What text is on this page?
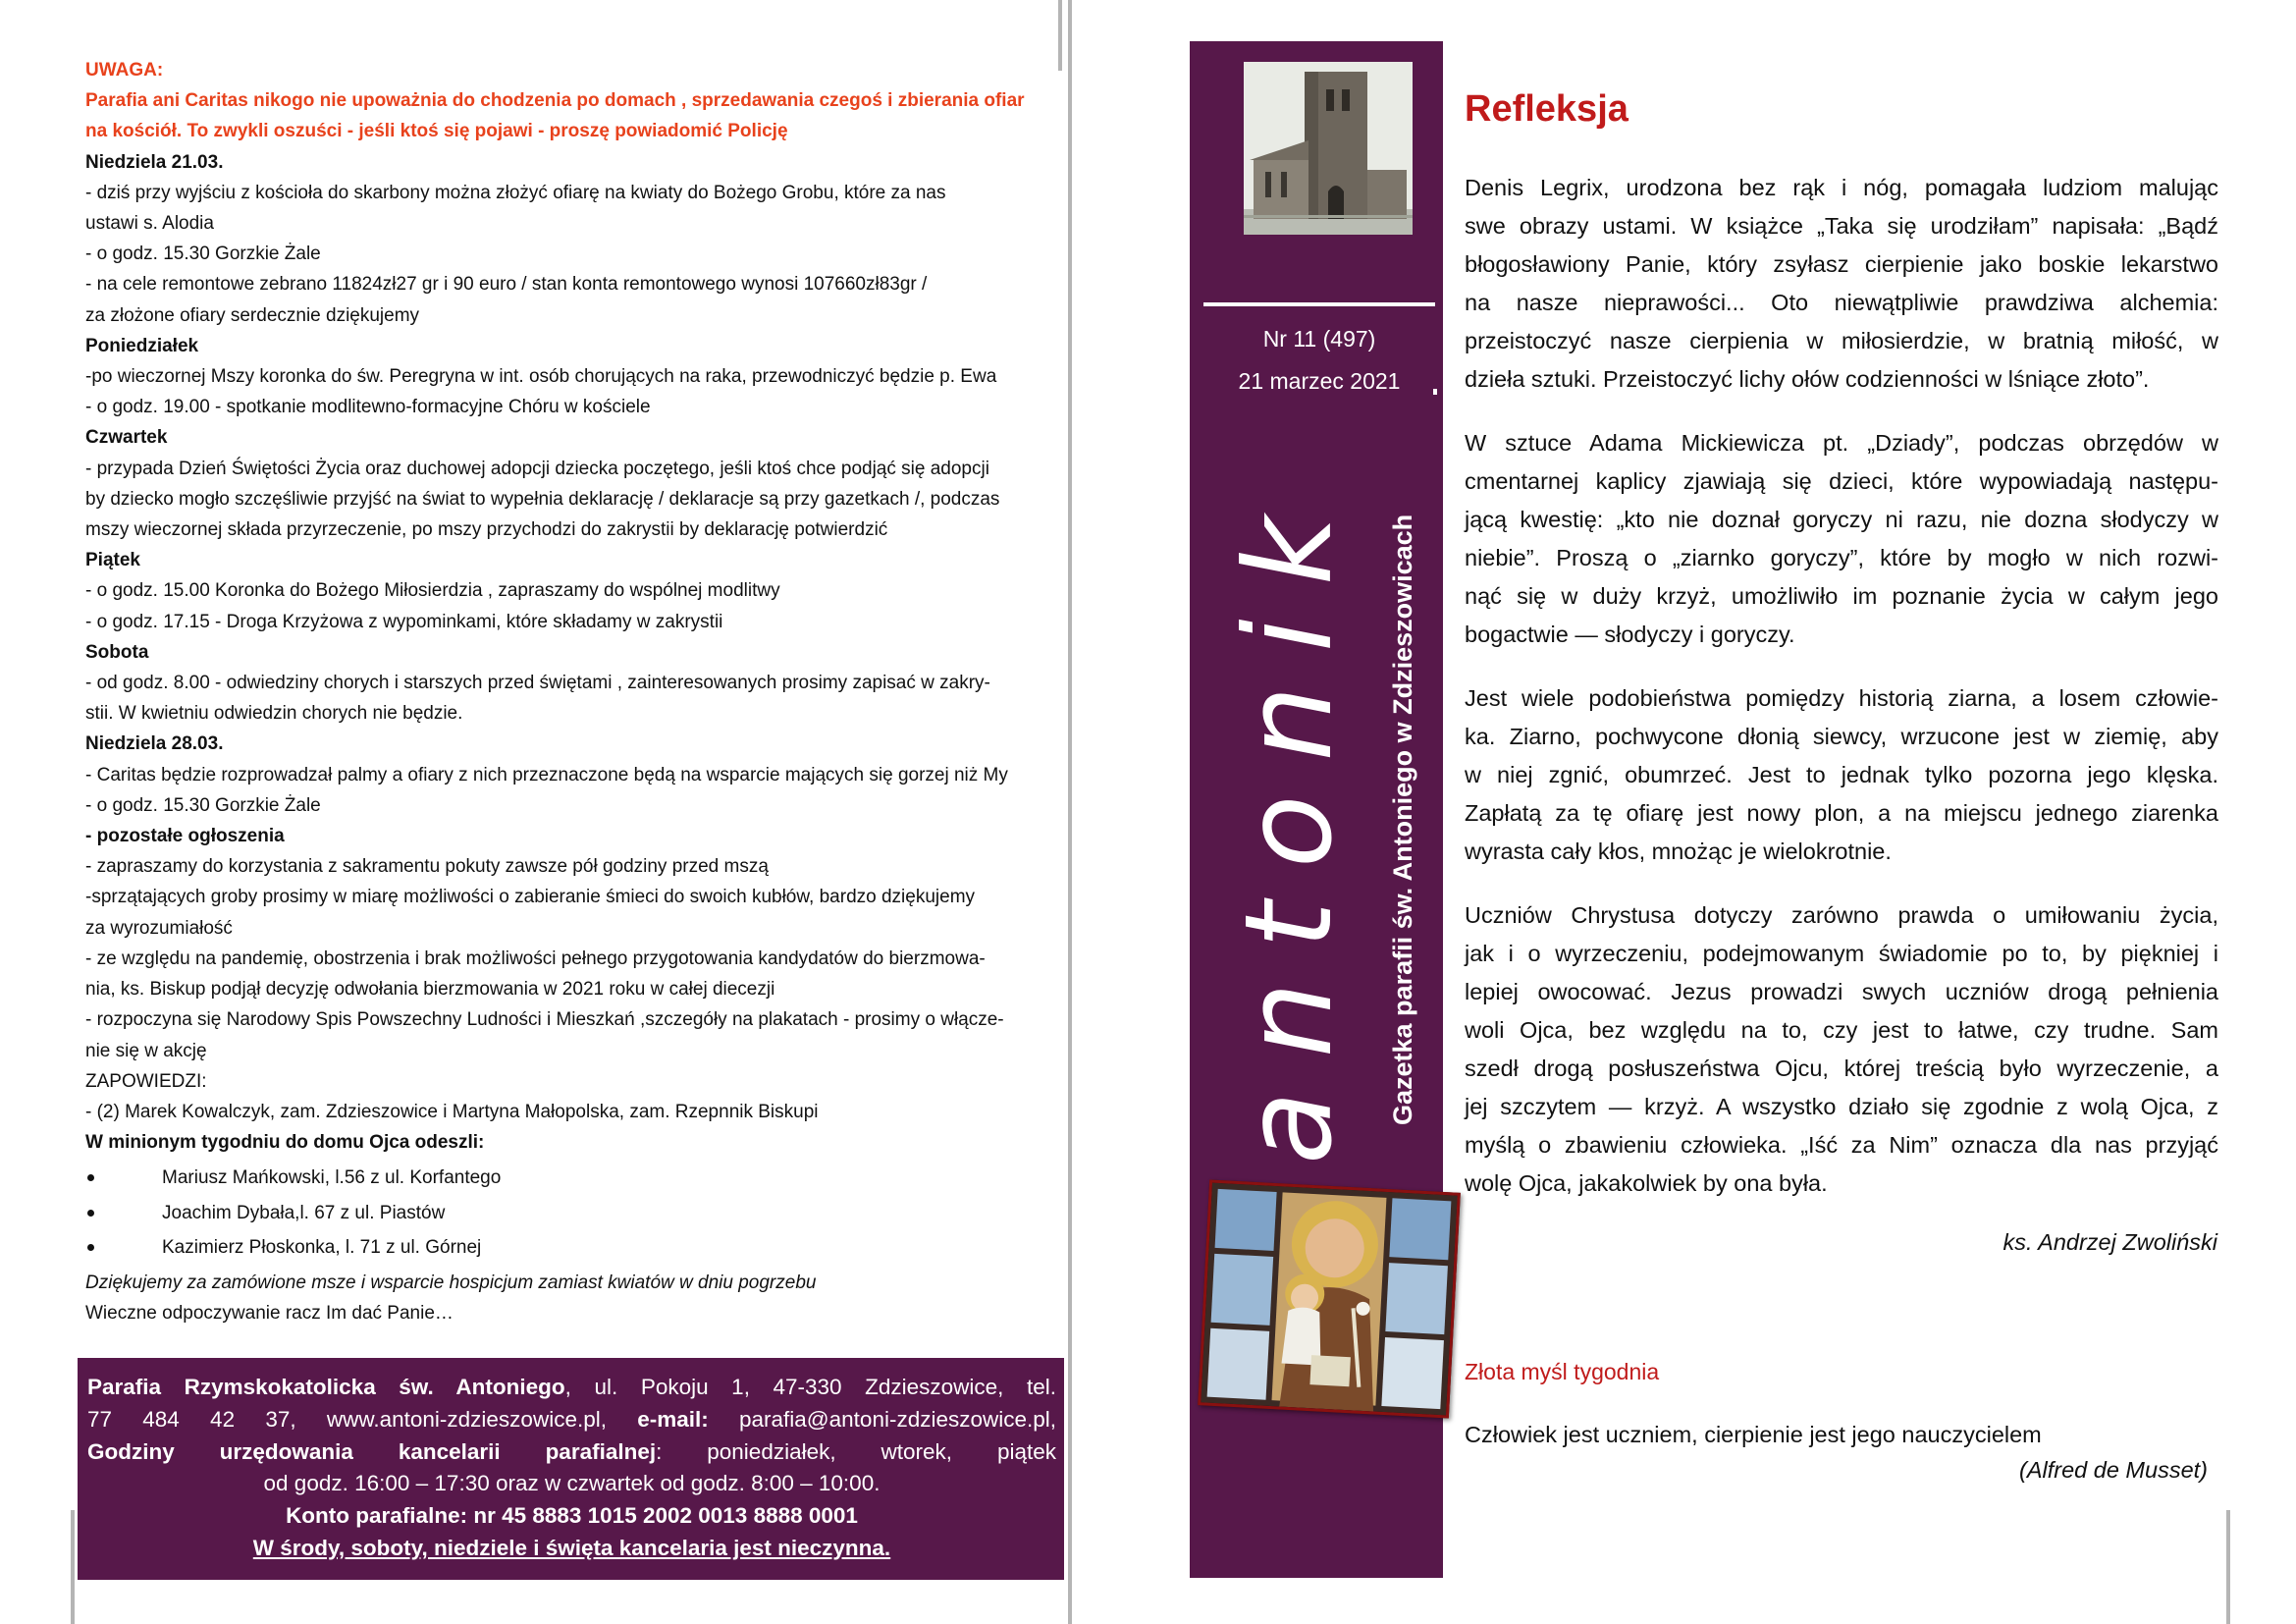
UWAGA:
Parafia ani Caritas nikogo nie upoważnia do chodzenia po domach , sprzedawania czegoś i zbierania ofiar
na kościół. To zwykli oszuści - jeśli ktoś się pojawi - proszę powiadomić Policję
Niedziela 21.03.
- dziś przy wyjściu z kościoła do skarbony można złożyć ofiarę na kwiaty do Bożego Grobu, które za nas
ustawi s. Alodia
- o godz. 15.30 Gorzkie Żale
- na cele remontowe zebrano 11824zł27 gr i 90 euro / stan konta remontowego wynosi 107660zł83gr /
za złożone ofiary serdecznie dziękujemy
Poniedziałek
-po wieczornej Mszy koronka do św. Peregryna w int. osób chorujących na raka, przewodniczyć będzie p. Ewa
- o godz. 19.00 - spotkanie modlitewno-formacyjne Chóru w kościele
Czwartek
- przypada Dzień Świętości Życia oraz duchowej adopcji dziecka poczętego, jeśli ktoś chce podjąć się adopcji
by dziecko mogło szczęśliwie przyjść na świat to wypełnia deklarację / deklaracje są przy gazetkach /, podczas
mszy wieczornej składa przyrzeczenie, po mszy przychodzi do zakrystii by deklarację potwierdzić
Piątek
- o godz. 15.00 Koronka do Bożego Miłosierdzia , zapraszamy do wspólnej modlitwy
- o godz. 17.15 - Droga Krzyżowa z wypominkami, które składamy w zakrystii
Sobota
- od godz. 8.00 - odwiedziny chorych i starszych przed świętami , zainteresowanych prosimy zapisać w zakry-
stii. W kwietniu odwiedzin chorych nie będzie.
Niedziela 28.03.
- Caritas będzie rozprowadzał palmy a ofiary z nich przeznaczone będą na wsparcie mających się gorzej niż My
- o godz. 15.30 Gorzkie Żale
- pozostałe ogłoszenia
- zapraszamy do korzystania z sakramentu pokuty zawsze pół godziny przed mszą
-sprzątających groby prosimy w miarę możliwości o zabieranie śmieci do swoich kubłów, bardzo dziękujemy
za wyrozumiałość
- ze względu na pandemię, obostrzenia i brak możliwości pełnego przygotowania kandydatów do bierzmowa-
nia, ks. Biskup podjął decyzję odwołania bierzmowania w 2021 roku w całej diecezji
- rozpoczyna się Narodowy Spis Powszechny Ludności i Mieszkań ,szczegóły na plakatach - prosimy o włącze-
nie się w akcję
ZAPOWIEDZI:
- (2) Marek Kowalczyk, zam. Zdzieszowice i Martyna Małopolska, zam. Rzepnnik Biskupi
W minionym tygodniu do domu Ojca odeszli:
Mariusz Mańkowski, l.56 z ul. Korfantego
Joachim Dybała,l. 67 z ul. Piastów
Kazimierz Płoskonka, l. 71 z ul. Górnej
Dziękujemy za zamówione msze i wsparcie hospicjum zamiast kwiatów w dniu pogrzebu
Wieczne odpoczywanie racz Im dać Panie…
Parafia Rzymskokatolicka św. Antoniego, ul. Pokoju 1, 47-330 Zdzieszowice, tel.
77 484 42 37, www.antoni-zdzieszowice.pl, e-mail: parafia@antoni-zdzieszowice.pl,
Godziny urzędowania kancelarii parafialnej: poniedziałek, wtorek, piątek
od godz. 16:00 – 17:30 oraz w czwartek od godz. 8:00 – 10:00.
Konto parafialne: nr 45 8883 1015 2002 0013 8888 0001
W środy, soboty, niedziele i święta kancelaria jest nieczynna.
Nr 11 (497)
21 marzec 2021
antonik Gazetka parafii św. Antoniego w Zdzieszowicach
Refleksja

Denis Legrix, urodzona bez rąk i nóg, pomagała ludziom malując
swe obrazy ustami. W książce „Taka się urodziłam” napisała: „Bądź
błogosławiony Panie, który zsyłasz cierpienie jako boskie lekarstwo
na nasze nieprawości... Oto niewątpliwie prawdziwa alchemia:
przeistoczyć nasze cierpienia w miłosierdzie, w bratnią miłość, w
dzieła sztuki. Przeistoczyć lichy ołów codzienności w lśniące złoto”.

W sztuce Adama Mickiewicza pt. „Dziady”, podczas obrzędów w
cmentarnej kaplicy zjawiają się dzieci, które wypowiadają następu-
jącą kwestię: „kto nie doznał goryczy ni razu, nie dozna słodyczy w
niebie”. Proszą o „ziarnko goryczy”, które by mogło w nich rozwi-
nąć się w duży krzyż, umożliwiło im poznanie życia w całym jego
bogactwie — słodyczy i goryczy.

Jest wiele podobieństwa pomiędzy historią ziarna, a losem człowie-
ka. Ziarno, pochwycone dłonią siewcy, wrzucone jest w ziemię, aby
w niej zgnić, obumrzeć. Jest to jednak tylko pozorna jego klęska.
Zapłatą za tę ofiarę jest nowy plon, a na miejscu jednego ziarenka
wyrasta cały kłos, mnożąc je wielokrotnie.

Uczniów Chrystusa dotyczy zarówno prawda o umiłowaniu życia,
jak i o wyrzeczeniu, podejmowanym świadomie po to, by piękniej i
lepiej owocować. Jezus prowadzi swych uczniów drogą pełnienia
woli Ojca, bez względu na to, czy jest to łatwe, czy trudne. Sam
szedł drogą posłuszeństwa Ojcu, której treścią było wyrzeczenie, a
jej szczytem — krzyż. A wszystko działo się zgodnie z wolą Ojca, z
myślą o zbawieniu człowieka. „Iść za Nim” oznacza dla nas przyjąć
wolę Ojca, jakakolwiek by ona była.

ks. Andrzej Zwoliński
Złota myśl tygodnia
Człowiek jest uczniem, cierpienie jest jego nauczycielem
(Alfred de Musset)
